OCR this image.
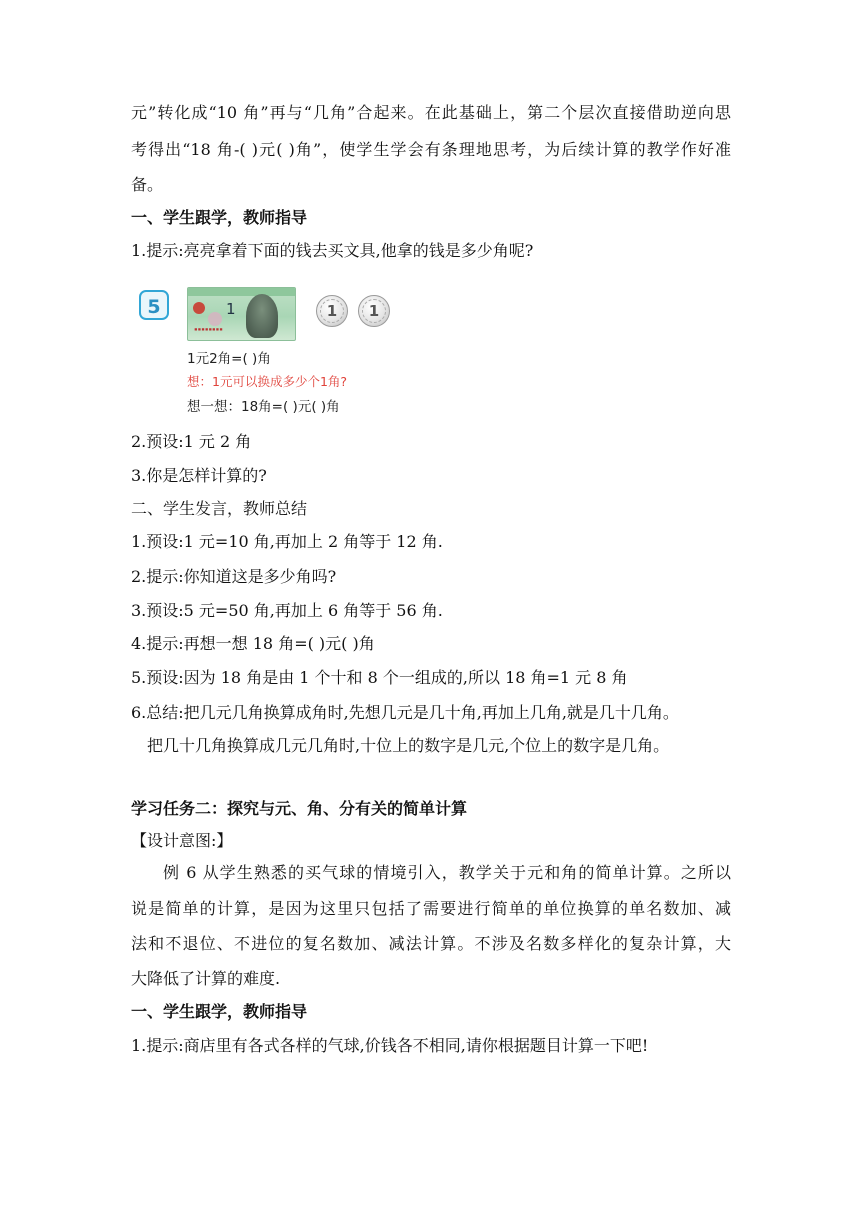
元”转化成“10 角”再与“几角”合起来。在此基础上，第二个层次直接借助逆向思
考得出“18 角-( )元( )角”，使学生学会有条理地思考，为后续计算的教学作好准
备。
一、学生跟学，教师指导
1.提示:亮亮拿着下面的钱去买文具,他拿的钱是多少角呢?
5	1
▪▪▪▪▪▪▪▪
1	1
1元2角=( )角
想：1元可以换成多少个1角?
想一想：18角=( )元( )角
2.预设:1 元 2 角
3.你是怎样计算的?
二、学生发言，教师总结
1.预设:1 元=10 角,再加上 2 角等于 12 角.
2.提示:你知道这是多少角吗?
3.预设:5 元=50 角,再加上 6 角等于 56 角.
4.提示:再想一想 18 角=( )元( )角
5.预设:因为 18 角是由 1 个十和 8 个一组成的,所以 18 角=1 元 8 角
6.总结:把几元几角换算成角时,先想几元是几十角,再加上几角,就是几十几角。
把几十几角换算成几元几角时,十位上的数字是几元,个位上的数字是几角。
学习任务二：探究与元、角、分有关的简单计算
【设计意图:】
例 6 从学生熟悉的买气球的情境引入，教学关于元和角的简单计算。之所以
说是简单的计算，是因为这里只包括了需要进行简单的单位换算的单名数加、减
法和不退位、不进位的复名数加、减法计算。不涉及名数多样化的复杂计算，大
大降低了计算的难度.
一、学生跟学，教师指导
1.提示:商店里有各式各样的气球,价钱各不相同,请你根据题目计算一下吧!
